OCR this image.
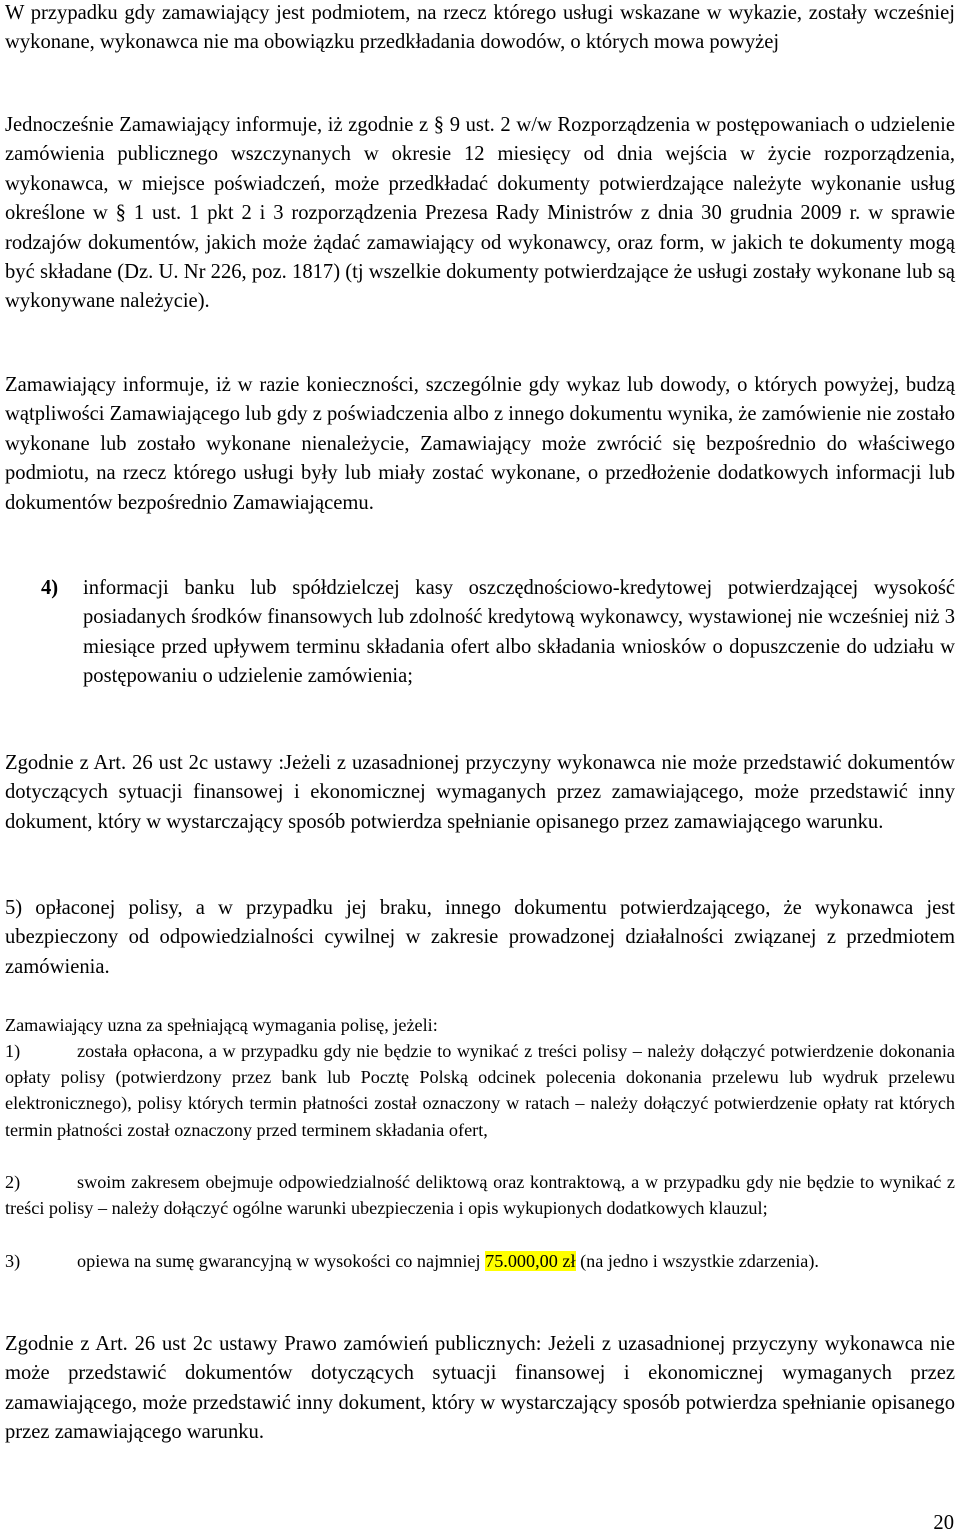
W przypadku gdy zamawiający jest podmiotem, na rzecz którego usługi wskazane w wykazie, zostały wcześniej wykonane, wykonawca nie ma obowiązku przedkładania dowodów, o których mowa powyżej

Jednocześnie Zamawiający informuje, iż zgodnie z § 9 ust. 2 w/w Rozporządzenia w postępowaniach o udzielenie zamówienia publicznego wszczynanych w okresie 12 miesięcy od dnia wejścia w życie rozporządzenia, wykonawca, w miejsce poświadczeń, może przedkładać dokumenty potwierdzające należyte wykonanie usług określone w § 1 ust. 1 pkt 2 i 3 rozporządzenia Prezesa Rady Ministrów z dnia 30 grudnia 2009 r. w sprawie rodzajów dokumentów, jakich może żądać zamawiający od wykonawcy, oraz form, w jakich te dokumenty mogą być składane (Dz. U. Nr 226, poz. 1817) (tj wszelkie dokumenty potwierdzające że usługi zostały wykonane lub są wykonywane należycie).

Zamawiający informuje, iż w razie konieczności, szczególnie gdy wykaz lub dowody, o których powyżej, budzą wątpliwości Zamawiającego lub gdy z poświadczenia albo z innego dokumentu wynika, że zamówienie nie zostało wykonane lub zostało wykonane nienależycie, Zamawiający może zwrócić się bezpośrednio do właściwego podmiotu, na rzecz którego usługi były lub miały zostać wykonane, o przedłożenie dodatkowych informacji lub dokumentów bezpośrednio Zamawiającemu.

4) informacji banku lub spółdzielczej kasy oszczędnościowo-kredytowej potwierdzającej wysokość posiadanych środków finansowych lub zdolność kredytową wykonawcy, wystawionej nie wcześniej niż 3 miesiące przed upływem terminu składania ofert albo składania wniosków o dopuszczenie do udziału w postępowaniu o udzielenie zamówienia;

Zgodnie z Art. 26 ust 2c ustawy :Jeżeli z uzasadnionej przyczyny wykonawca nie może przedstawić dokumentów dotyczących sytuacji finansowej i ekonomicznej wymaganych przez zamawiającego, może przedstawić inny dokument, który w wystarczający sposób potwierdza spełnianie opisanego przez zamawiającego warunku.

5) opłaconej polisy, a w przypadku jej braku, innego dokumentu potwierdzającego, że wykonawca jest ubezpieczony od odpowiedzialności cywilnej w zakresie prowadzonej działalności związanej z przedmiotem zamówienia.

Zamawiający uzna za spełniającą wymagania polisę, jeżeli:

1)	została opłacona, a w przypadku gdy nie będzie to wynikać z treści polisy – należy dołączyć potwierdzenie dokonania opłaty polisy (potwierdzony przez bank lub Pocztę Polską odcinek polecenia dokonania przelewu lub wydruk przelewu elektronicznego), polisy których termin płatności został oznaczony w ratach – należy dołączyć potwierdzenie opłaty rat których termin płatności został oznaczony przed terminem składania ofert,

2)	swoim zakresem obejmuje odpowiedzialność deliktową oraz kontraktową, a w przypadku gdy nie będzie to wynikać z treści polisy – należy dołączyć ogólne warunki ubezpieczenia i opis wykupionych dodatkowych klauzul;

3)	opiewa na sumę gwarancyjną w wysokości co najmniej 75.000,00 zł (na jedno i wszystkie zdarzenia).

Zgodnie z Art. 26 ust 2c ustawy Prawo zamówień publicznych: Jeżeli z uzasadnionej przyczyny wykonawca nie może przedstawić dokumentów dotyczących sytuacji finansowej i ekonomicznej wymaganych przez zamawiającego, może przedstawić inny dokument, który w wystarczający sposób potwierdza spełnianie opisanego przez zamawiającego warunku.

20
